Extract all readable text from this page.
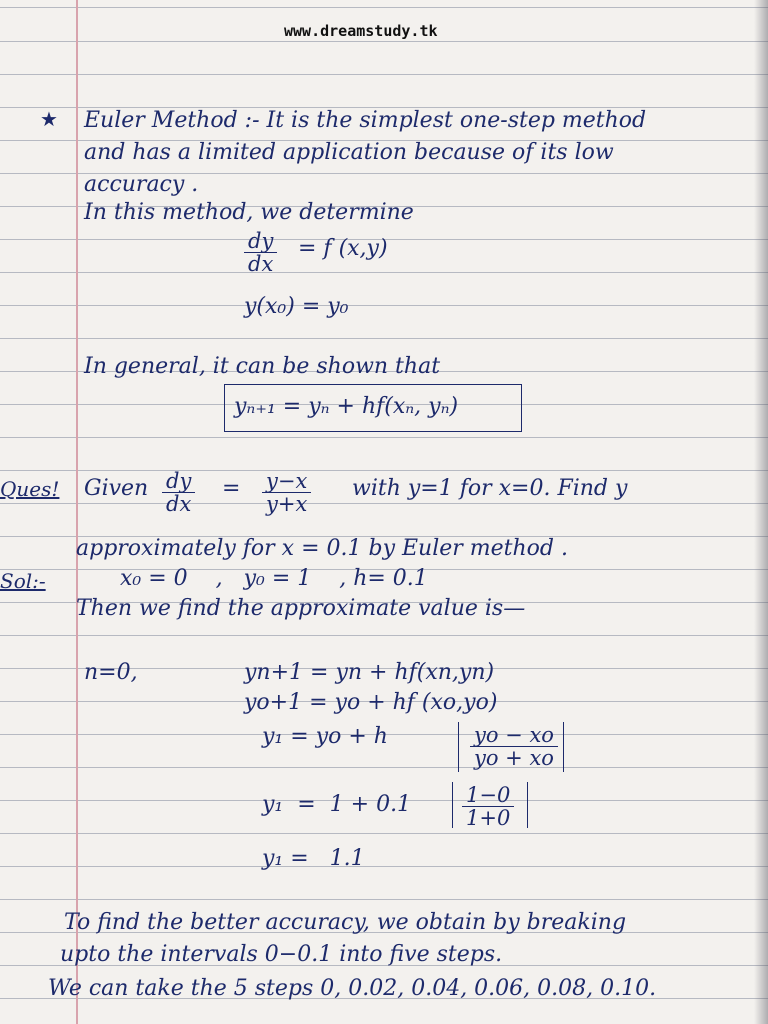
www.dreamstudy.tk
★ Euler Method :- It is the simplest one-step method
and has a limited application because of its low
accuracy .
In this method, we determine
$\frac{dy}{dx} = f$ (x,y)
y(x₀) = y₀
In general, it can be shown that
yₙ₊₁ = yₙ + hf(xₙ, yₙ)
Ques! Given $\frac{dy}{dx} = \frac{y-x}{y+x}$ with y=1 for x=0. Find y
approximately for x = 0.1 by Euler method .
Sol:-	x₀ = 0    ,   y₀ = 1    , h= 0.1
Then we find the approximate value is—
n=0,	yn+1 = yn + hf(xn,yn)
yo+1 = yo + hf (xo,yo)
y₁ = yo + h	$\frac{yo - xo}{yo + xo}$
$y_1 = 1 + 0.1 \frac{1-0}{1+0}$
y₁ =   1.1
To find the better accuracy, we obtain by breaking
upto the intervals 0−0.1 into five steps.
We can take the 5 steps 0, 0.02, 0.04, 0.06, 0.08, 0.10.
